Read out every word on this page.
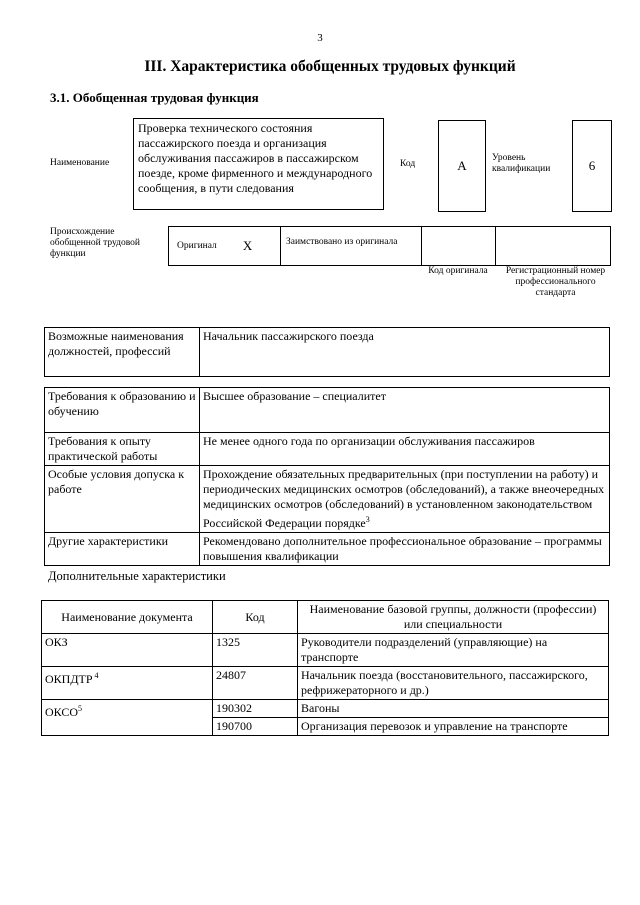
3
III. Характеристика обобщенных трудовых функций
3.1. Обобщенная трудовая функция
Наименование
Проверка технического состояния пассажирского поезда и организация обслуживания пассажиров в пассажирском поезде, кроме фирменного и международного сообщения, в пути следования
Код	А	Уровень квалификации	6
Происхождение обобщенной трудовой функции
Оригинал X	Заимствовано из оригинала
Код оригинала	Регистрационный номер профессионального стандарта
Возможные наименования должностей, профессий	Начальник пассажирского поезда
Требования к образованию и обучению	Высшее образование – специалитет
Требования к опыту практической работы	Не менее одного года по организации обслуживания пассажиров
Особые условия допуска к работе	Прохождение обязательных предварительных (при поступлении на работу) и периодических медицинских осмотров (обследований), а также внеочередных медицинских осмотров (обследований) в установленном законодательством Российской Федерации порядке$^3$
Другие характеристики	Рекомендовано дополнительное профессиональное образование – программы повышения квалификации
Дополнительные характеристики
Наименование документа	Код	Наименование базовой группы, должности (профессии) или специальности
ОКЗ	1325	Руководители подразделений (управляющие) на транспорте
ОКПДТР $^4$	24807	Начальник поезда (восстановительного, пассажирского, рефрижераторного и др.)
ОКСО$^5$	190302	Вагоны
	190700	Организация перевозок и управление на транспорте
